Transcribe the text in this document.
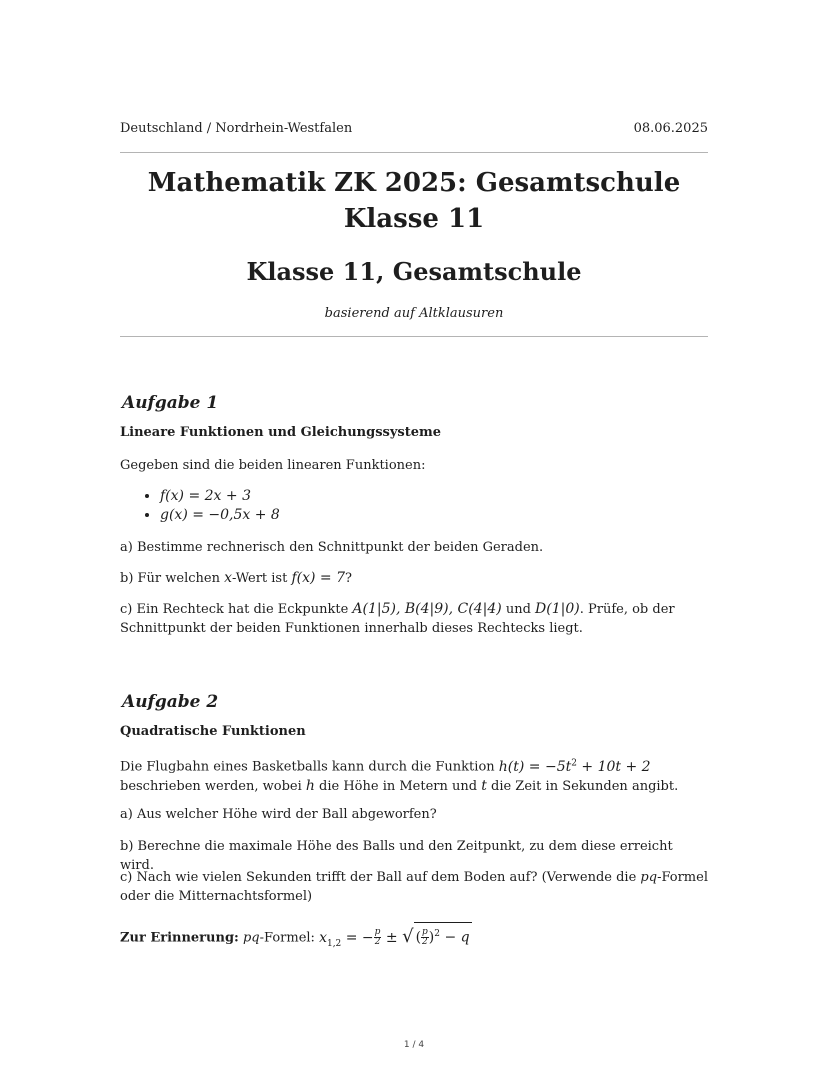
Deutschland / Nordrhein-Westfalen	08.06.2025
Mathematik ZK 2025: Gesamtschule Klasse 11
Klasse 11, Gesamtschule
basierend auf Altklausuren
Aufgabe 1
Lineare Funktionen und Gleichungssysteme
Gegeben sind die beiden linearen Funktionen:
• f(x) = 2x + 3
• g(x) = −0,5x + 8
a) Bestimme rechnerisch den Schnittpunkt der beiden Geraden.
b) Für welchen x-Wert ist f(x) = 7?
c) Ein Rechteck hat die Eckpunkte A(1|5), B(4|9), C(4|4) und D(1|0). Prüfe, ob der Schnittpunkt der beiden Funktionen innerhalb dieses Rechtecks liegt.
Aufgabe 2
Quadratische Funktionen
Die Flugbahn eines Basketballs kann durch die Funktion $h(t) = -5t^2 + 10t + 2$ beschrieben werden, wobei h die Höhe in Metern und t die Zeit in Sekunden angibt.
a) Aus welcher Höhe wird der Ball abgeworfen?
b) Berechne die maximale Höhe des Balls und den Zeitpunkt, zu dem diese erreicht wird.
c) Nach wie vielen Sekunden trifft der Ball auf dem Boden auf? (Verwende die pq-Formel oder die Mitternachtsformel)
Zur Erinnerung: pq-Formel: $x_{1,2}$ = − $\frac{p}{2}$ ± √ ( $\frac{p}{2} )^2 - q$
1 / 4
